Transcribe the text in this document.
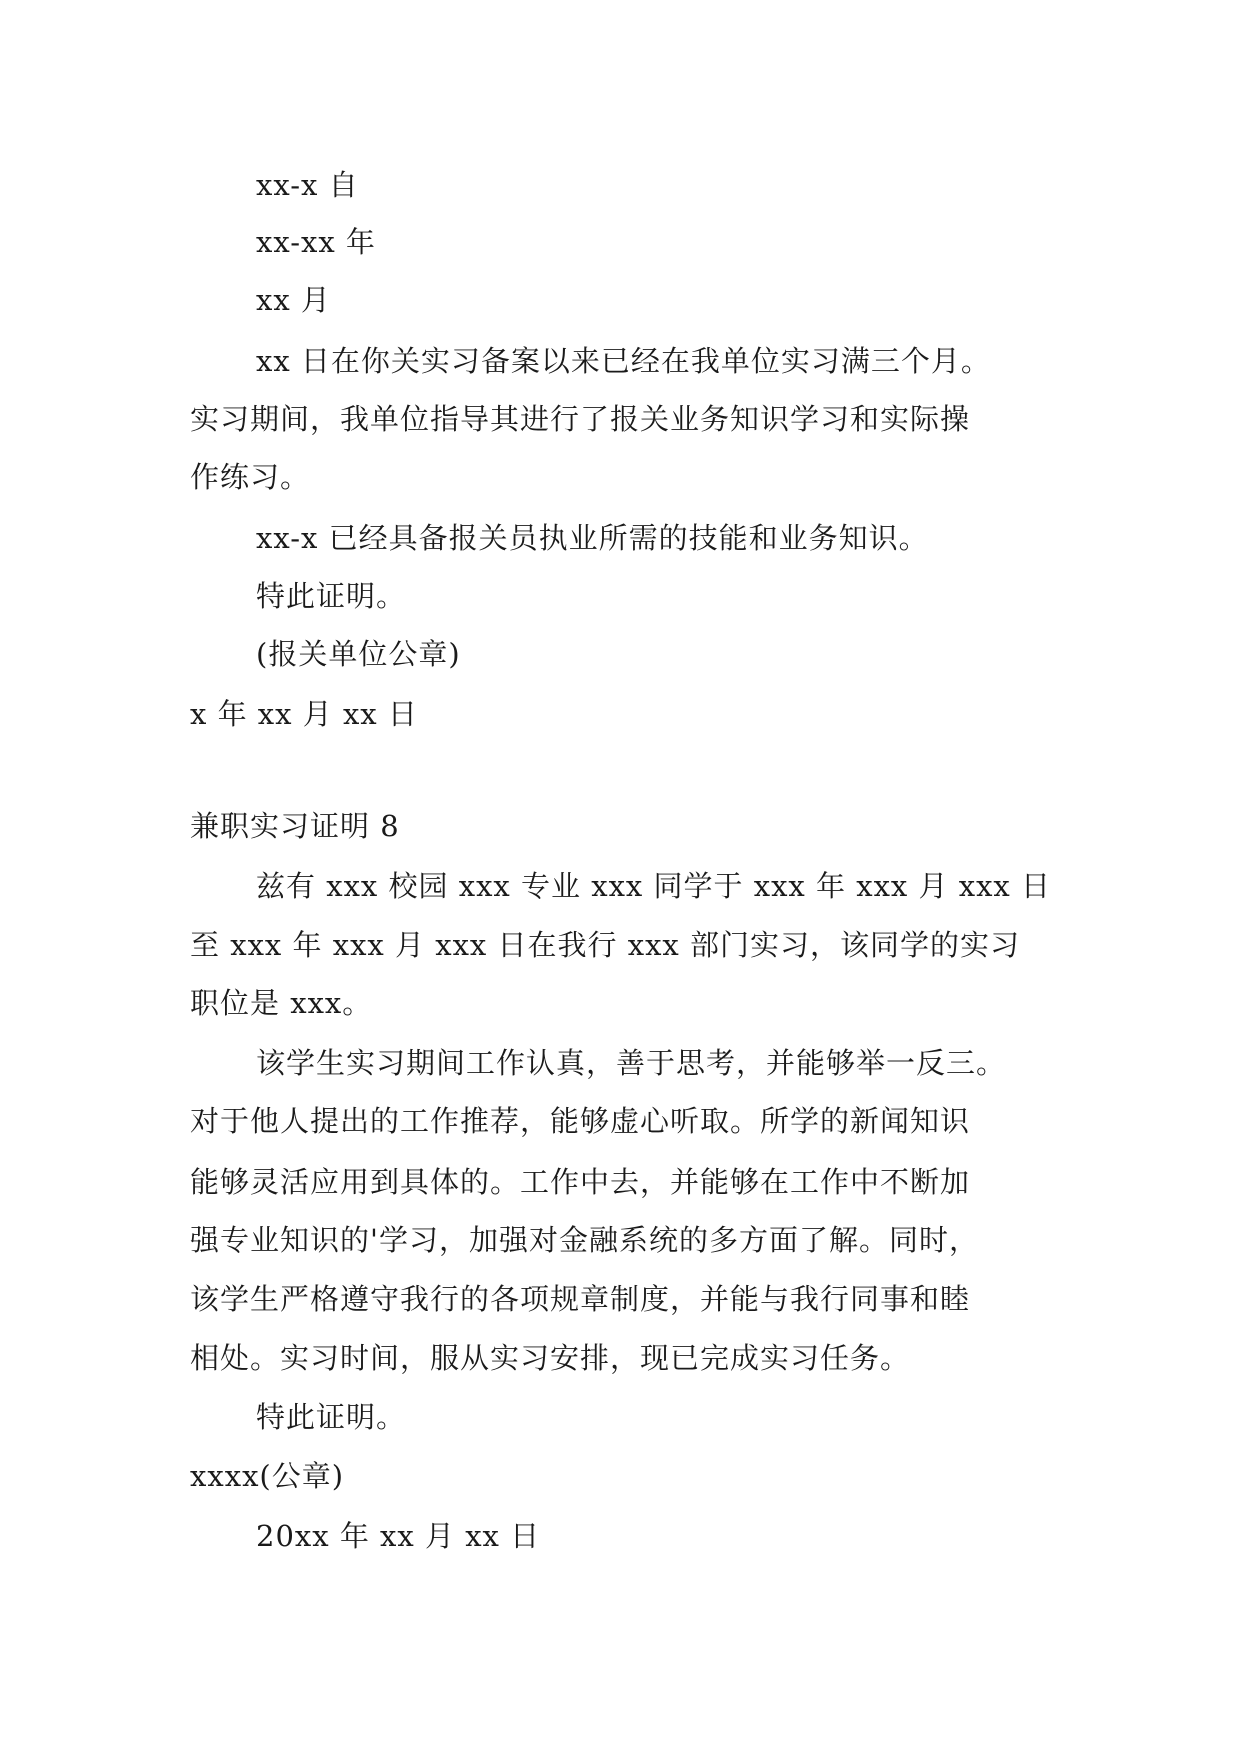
xx-x 自
xx-xx 年
xx 月
xx 日在你关实习备案以来已经在我单位实习满三个月。
实习期间，我单位指导其进行了报关业务知识学习和实际操
作练习。
xx-x 已经具备报关员执业所需的技能和业务知识。
特此证明。
(报关单位公章)
x 年 xx 月 xx 日
兼职实习证明 8
兹有 xxx 校园 xxx 专业 xxx 同学于 xxx 年 xxx 月 xxx 日
至 xxx 年 xxx 月 xxx 日在我行 xxx 部门实习，该同学的实习
职位是 xxx。
该学生实习期间工作认真，善于思考，并能够举一反三。
对于他人提出的工作推荐，能够虚心听取。所学的新闻知识
能够灵活应用到具体的。工作中去，并能够在工作中不断加
强专业知识的'学习，加强对金融系统的多方面了解。同时，
该学生严格遵守我行的各项规章制度，并能与我行同事和睦
相处。实习时间，服从实习安排，现已完成实习任务。
特此证明。
xxxx(公章)
20xx 年 xx 月 xx 日
